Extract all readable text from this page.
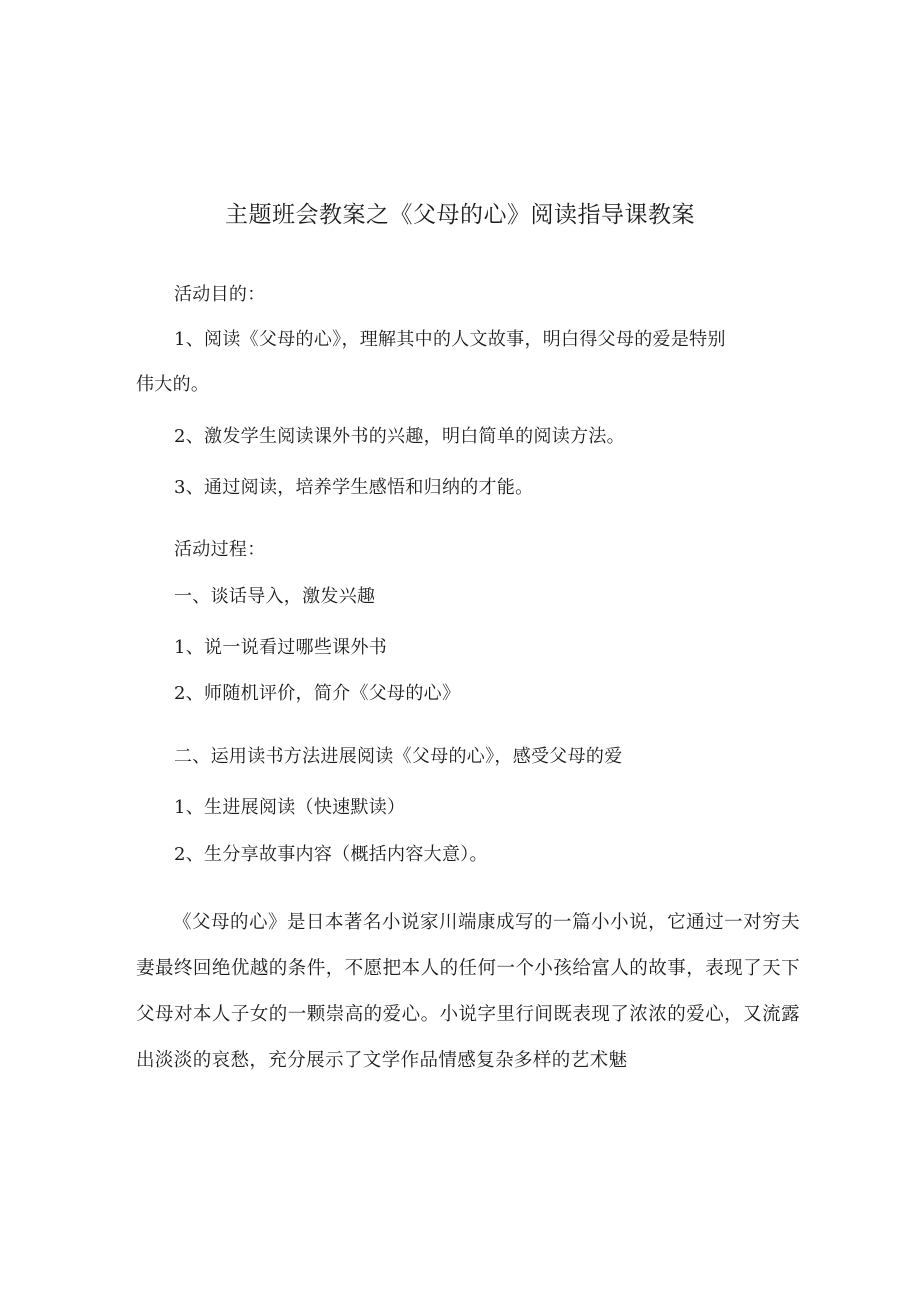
主题班会教案之《父母的心》阅读指导课教案
活动目的：
1、阅读《父母的心》，理解其中的人文故事，明白得父母的爱是特别
伟大的。
2、激发学生阅读课外书的兴趣，明白简单的阅读方法。
3、通过阅读，培养学生感悟和归纳的才能。
活动过程：
一、谈话导入，激发兴趣
1、说一说看过哪些课外书
2、师随机评价，简介《父母的心》
二、运用读书方法进展阅读《父母的心》，感受父母的爱
1、生进展阅读（快速默读）
2、生分享故事内容（概括内容大意）。
《父母的心》是日本著名小说家川端康成写的一篇小小说，它通过一对穷夫妻最终回绝优越的条件，不愿把本人的任何一个小孩给富人的故事，表现了天下父母对本人子女的一颗崇高的爱心。小说字里行间既表现了浓浓的爱心，又流露出淡淡的哀愁，充分展示了文学作品情感复杂多样的艺术魅
